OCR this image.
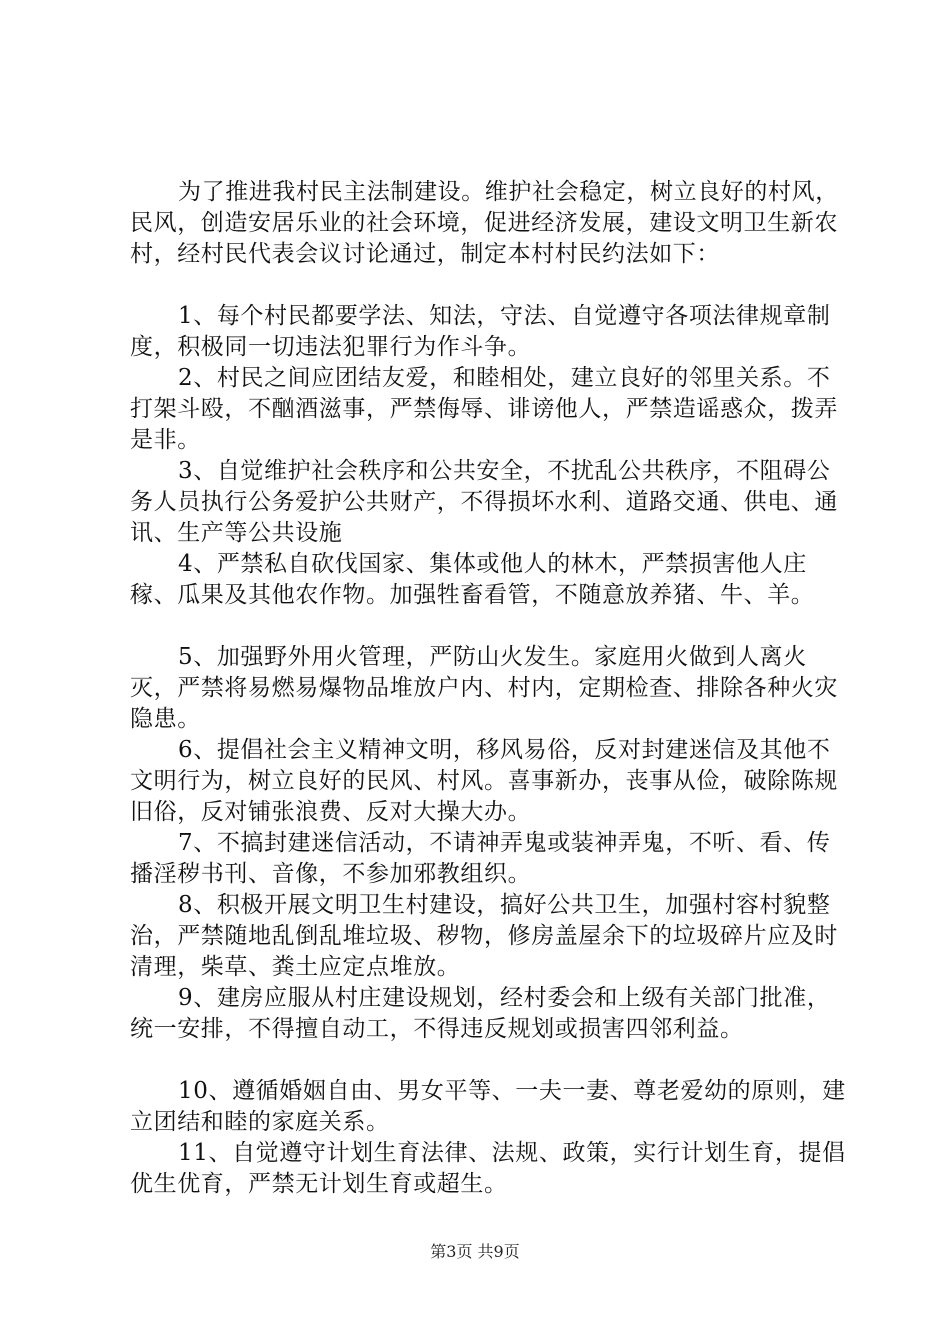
为了推进我村民主法制建设。维护社会稳定，树立良好的村风，民风，创造安居乐业的社会环境，促进经济发展，建设文明卫生新农村，经村民代表会议讨论通过，制定本村村民约法如下：

1、每个村民都要学法、知法，守法、自觉遵守各项法律规章制度，积极同一切违法犯罪行为作斗争。

2、村民之间应团结友爱，和睦相处，建立良好的邻里关系。不打架斗殴，不酗酒滋事，严禁侮辱、诽谤他人，严禁造谣惑众，拨弄是非。

3、自觉维护社会秩序和公共安全，不扰乱公共秩序，不阻碍公务人员执行公务爱护公共财产，不得损坏水利、道路交通、供电、通讯、生产等公共设施

4、严禁私自砍伐国家、集体或他人的林木，严禁损害他人庄稼、瓜果及其他农作物。加强牲畜看管，不随意放养猪、牛、羊。

5、加强野外用火管理，严防山火发生。家庭用火做到人离火灭，严禁将易燃易爆物品堆放户内、村内，定期检查、排除各种火灾隐患。

6、提倡社会主义精神文明，移风易俗，反对封建迷信及其他不文明行为，树立良好的民风、村风。喜事新办，丧事从俭，破除陈规旧俗，反对铺张浪费、反对大操大办。

7、不搞封建迷信活动，不请神弄鬼或装神弄鬼，不听、看、传播淫秽书刊、音像，不参加邪教组织。

8、积极开展文明卫生村建设，搞好公共卫生，加强村容村貌整治，严禁随地乱倒乱堆垃圾、秽物，修房盖屋余下的垃圾碎片应及时清理，柴草、粪土应定点堆放。

9、建房应服从村庄建设规划，经村委会和上级有关部门批准，统一安排，不得擅自动工，不得违反规划或损害四邻利益。

10、遵循婚姻自由、男女平等、一夫一妻、尊老爱幼的原则，建立团结和睦的家庭关系。

11、自觉遵守计划生育法律、法规、政策，实行计划生育，提倡优生优育，严禁无计划生育或超生。

第3页 共9页
